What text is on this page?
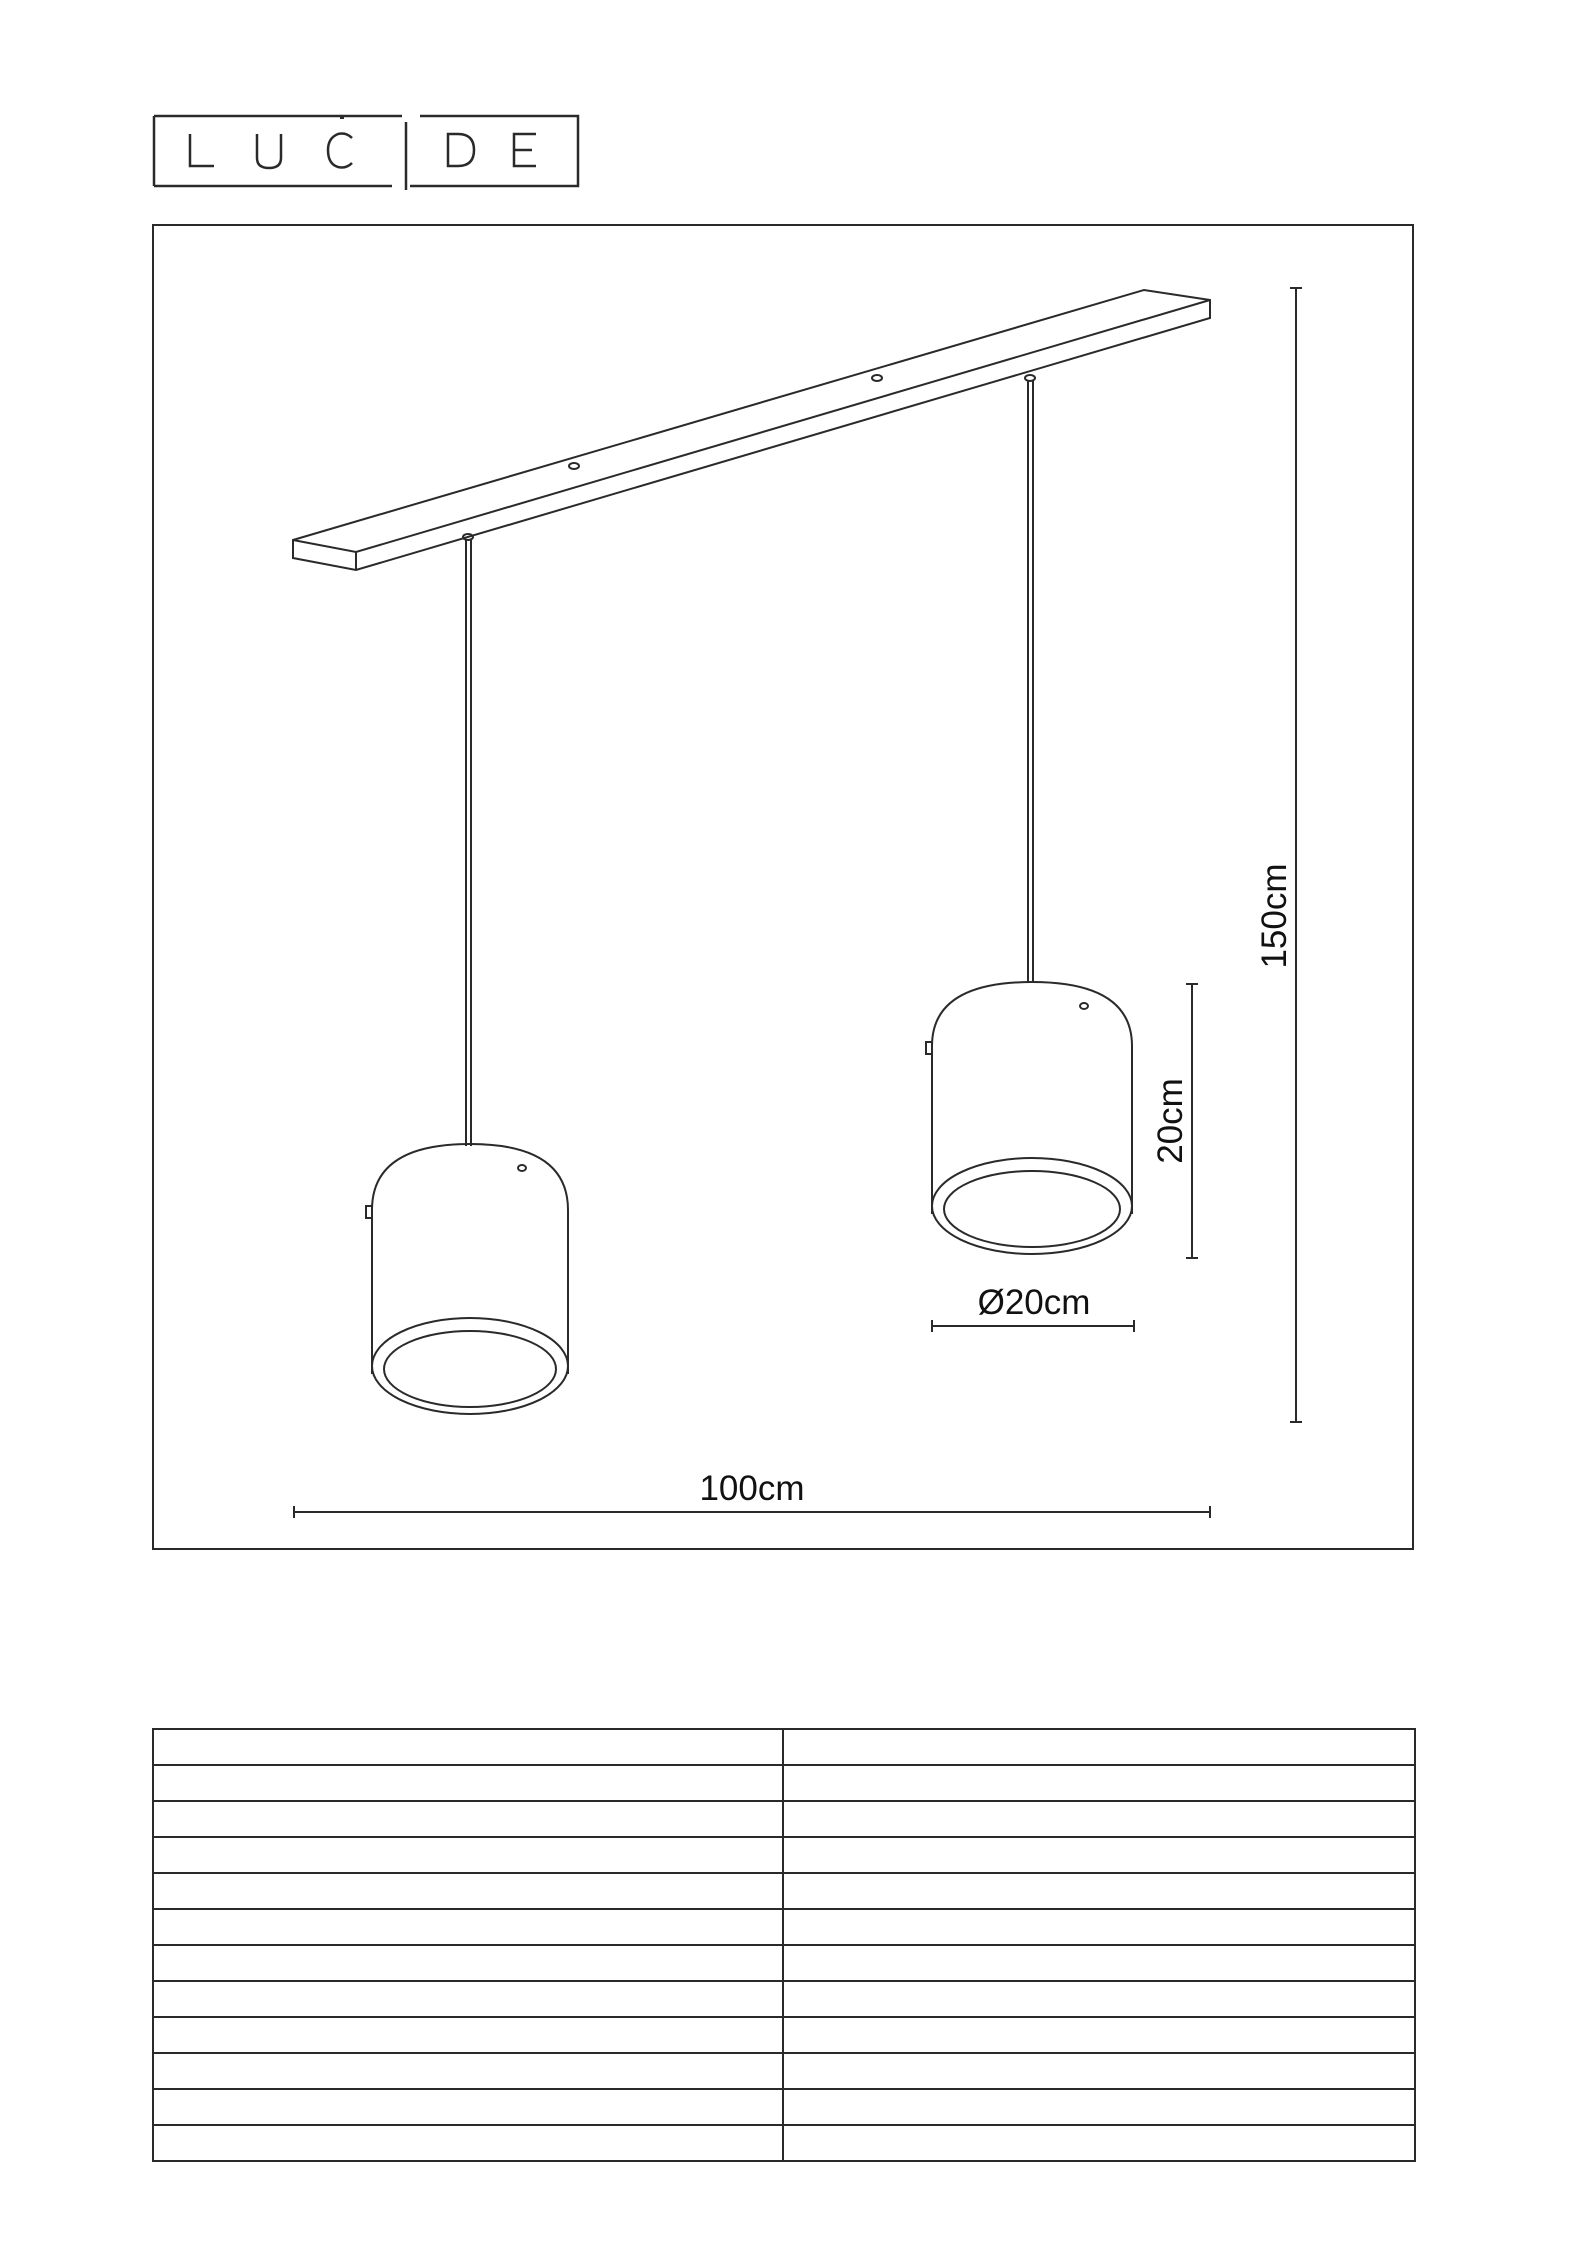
150cm
20cm
Ø20cm
100cm
